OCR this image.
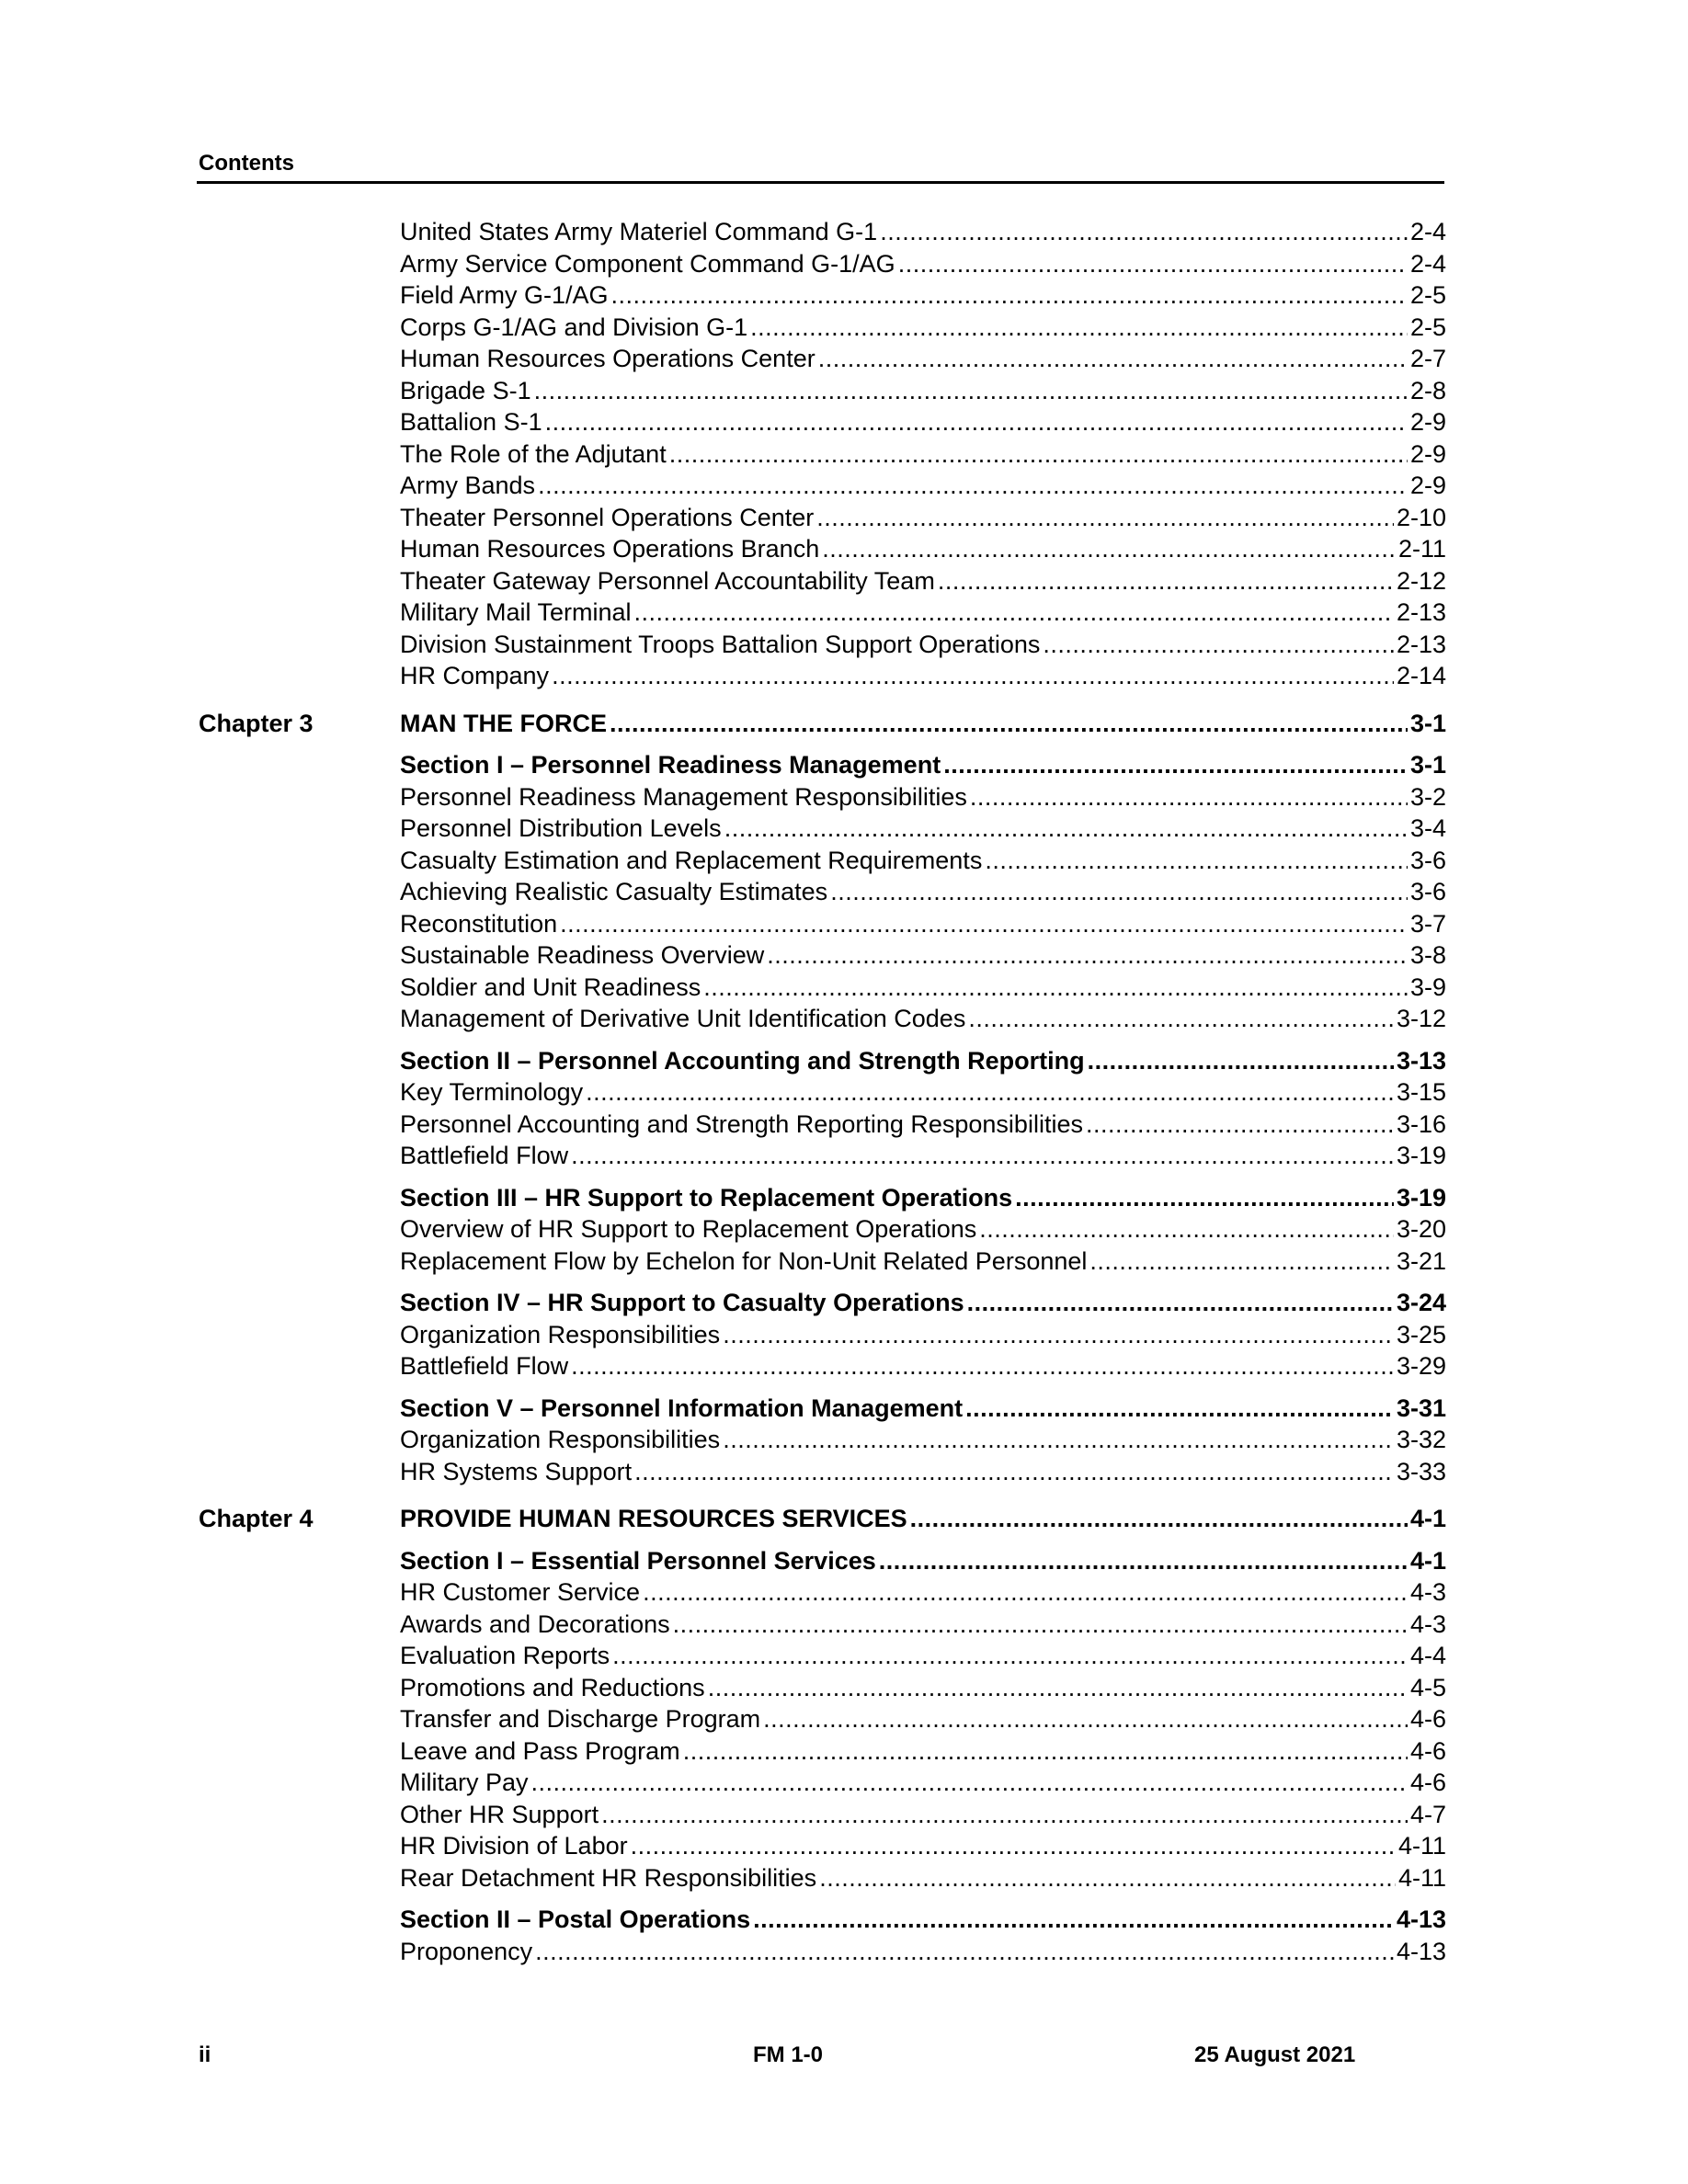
Contents
United States Army Materiel Command G-1 .....	2-4
Army Service Component Command G-1/AG .....	2-4
Field Army G-1/AG .....	2-5
Corps G-1/AG and Division G-1 .....	2-5
Human Resources Operations Center .....	2-7
Brigade S-1 .....	2-8
Battalion S-1 .....	2-9
The Role of the Adjutant .....	2-9
Army Bands .....	2-9
Theater Personnel Operations Center .....	2-10
Human Resources Operations Branch .....	2-11
Theater Gateway Personnel Accountability Team .....	2-12
Military Mail Terminal .....	2-13
Division Sustainment Troops Battalion Support Operations .....	2-13
HR Company .....	2-14
Chapter 3	MAN THE FORCE .....	3-1
Section I – Personnel Readiness Management .....	3-1
Personnel Readiness Management Responsibilities .....	3-2
Personnel Distribution Levels .....	3-4
Casualty Estimation and Replacement Requirements .....	3-6
Achieving Realistic Casualty Estimates .....	3-6
Reconstitution .....	3-7
Sustainable Readiness Overview .....	3-8
Soldier and Unit Readiness .....	3-9
Management of Derivative Unit Identification Codes .....	3-12
Section II – Personnel Accounting and Strength Reporting .....	3-13
Key Terminology .....	3-15
Personnel Accounting and Strength Reporting Responsibilities .....	3-16
Battlefield Flow .....	3-19
Section III – HR Support to Replacement Operations .....	3-19
Overview of HR Support to Replacement Operations .....	3-20
Replacement Flow by Echelon for Non-Unit Related Personnel .....	3-21
Section IV – HR Support to Casualty Operations .....	3-24
Organization Responsibilities .....	3-25
Battlefield Flow .....	3-29
Section V – Personnel Information Management .....	3-31
Organization Responsibilities .....	3-32
HR Systems Support .....	3-33
Chapter 4	PROVIDE HUMAN RESOURCES SERVICES .....	4-1
Section I – Essential Personnel Services .....	4-1
HR Customer Service .....	4-3
Awards and Decorations .....	4-3
Evaluation Reports .....	4-4
Promotions and Reductions .....	4-5
Transfer and Discharge Program .....	4-6
Leave and Pass Program .....	4-6
Military Pay .....	4-6
Other HR Support .....	4-7
HR Division of Labor .....	4-11
Rear Detachment HR Responsibilities .....	4-11
Section II – Postal Operations .....	4-13
Proponency .....	4-13
ii	FM 1-0	25 August 2021
